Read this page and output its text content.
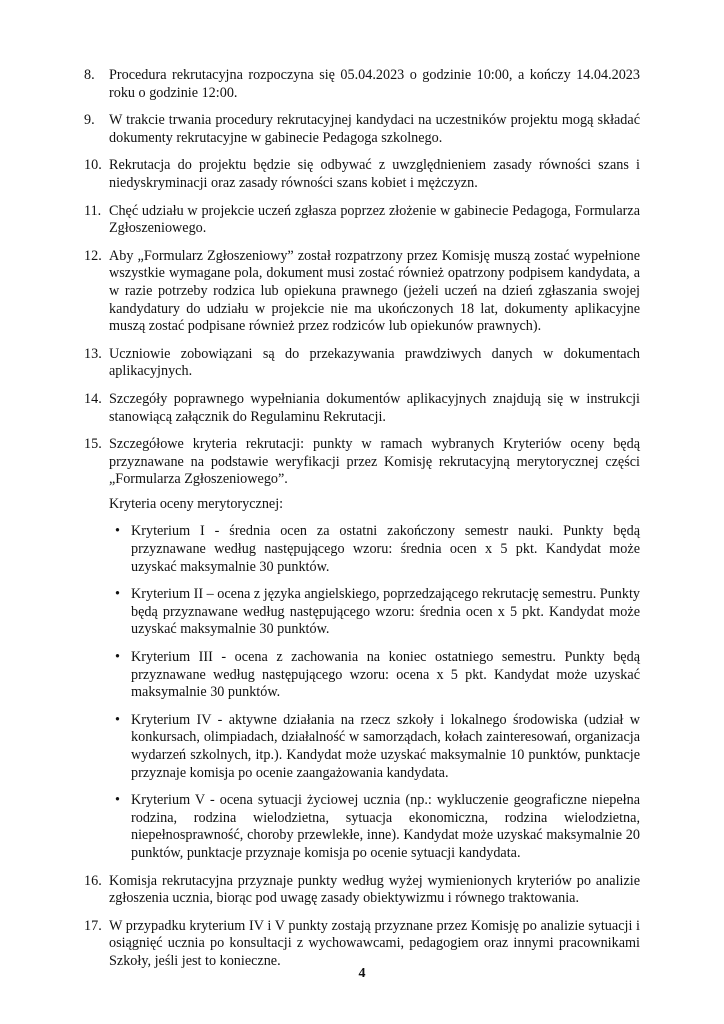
8.	Procedura rekrutacyjna rozpoczyna się 05.04.2023 o godzinie 10:00, a kończy 14.04.2023 roku o godzinie 12:00.
9.	W trakcie trwania procedury rekrutacyjnej kandydaci na uczestników projektu mogą składać dokumenty rekrutacyjne w gabinecie Pedagoga szkolnego.
10. Rekrutacja do projektu będzie się odbywać z uwzględnieniem zasady równości szans i niedyskryminacji oraz zasady równości szans kobiet i mężczyzn.
11. Chęć udziału w projekcie uczeń zgłasza poprzez złożenie w gabinecie Pedagoga, Formularza Zgłoszeniowego.
12. Aby „Formularz Zgłoszeniowy” został rozpatrzony przez Komisję muszą zostać wypełnione wszystkie wymagane pola, dokument musi zostać również opatrzony podpisem kandydata, a w razie potrzeby rodzica lub opiekuna prawnego (jeżeli uczeń na dzień zgłaszania swojej kandydatury do udziału w projekcie nie ma ukończonych 18 lat, dokumenty aplikacyjne muszą zostać podpisane również przez rodziców lub opiekunów prawnych).
13. Uczniowie zobowiązani są do przekazywania prawdziwych danych w dokumentach aplikacyjnych.
14. Szczegóły poprawnego wypełniania dokumentów aplikacyjnych znajdują się w instrukcji stanowiącą załącznik do Regulaminu Rekrutacji.
15. Szczegółowe kryteria rekrutacji: punkty w ramach wybranych Kryteriów oceny będą przyznawane na podstawie weryfikacji przez Komisję rekrutacyjną merytorycznej części „Formularza Zgłoszeniowego”.
Kryteria oceny merytorycznej:
• Kryterium I - średnia ocen za ostatni zakończony semestr nauki. Punkty będą przyznawane według następującego wzoru: średnia ocen x 5 pkt. Kandydat może uzyskać maksymalnie 30 punktów.
• Kryterium II – ocena z języka angielskiego, poprzedzającego rekrutację semestru. Punkty będą przyznawane według następującego wzoru: średnia ocen x 5 pkt. Kandydat może uzyskać maksymalnie 30 punktów.
• Kryterium III - ocena z zachowania na koniec ostatniego semestru. Punkty będą przyznawane według następującego wzoru: ocena x 5 pkt. Kandydat może uzyskać maksymalnie 30 punktów.
• Kryterium IV - aktywne działania na rzecz szkoły i lokalnego środowiska (udział w konkursach, olimpiadach, działalność w samorządach, kołach zainteresowań, organizacja wydarzeń szkolnych, itp.). Kandydat może uzyskać maksymalnie 10 punktów, punktacje przyznaje komisja po ocenie zaangażowania kandydata.
• Kryterium V - ocena sytuacji życiowej ucznia (np.: wykluczenie geograficzne niepełna rodzina, rodzina wielodzietna, sytuacja ekonomiczna, rodzina wielodzietna, niepełnosprawność, choroby przewlekłe, inne). Kandydat może uzyskać maksymalnie 20 punktów, punktacje przyznaje komisja po ocenie sytuacji kandydata.
16. Komisja rekrutacyjna przyznaje punkty według wyżej wymienionych kryteriów po analizie zgłoszenia ucznia, biorąc pod uwagę zasady obiektywizmu i równego traktowania.
17. W przypadku kryterium IV i V punkty zostają przyznane przez Komisję po analizie sytuacji i osiągnięć ucznia po konsultacji z wychowawcami, pedagogiem oraz innymi pracownikami Szkoły, jeśli jest to konieczne.
4
